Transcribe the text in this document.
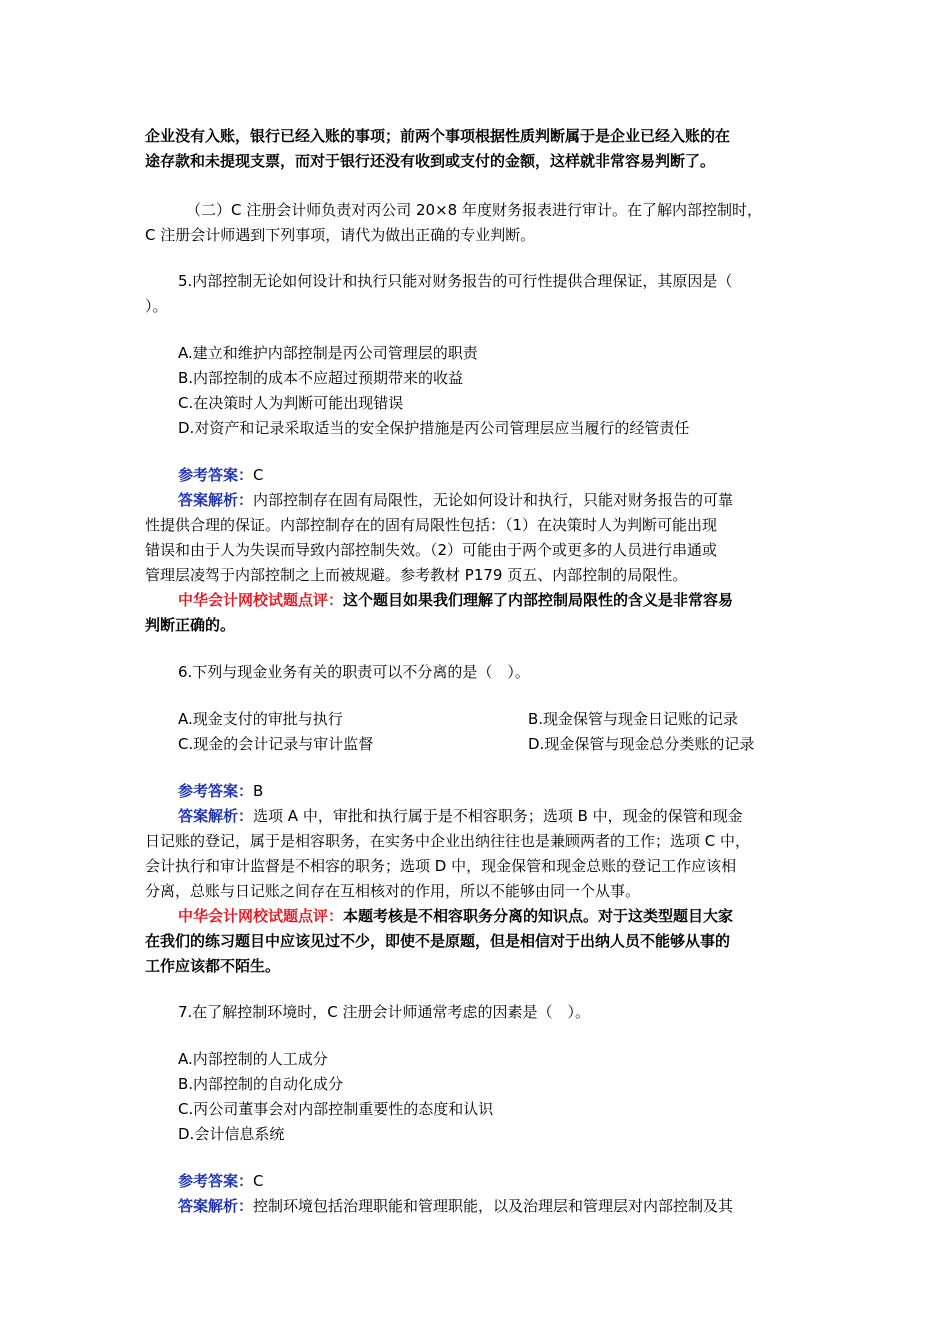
企业没有入账，银行已经入账的事项；前两个事项根据性质判断属于是企业已经入账的在
途存款和未提现支票，而对于银行还没有收到或支付的金额，这样就非常容易判断了。
（二）C 注册会计师负责对丙公司 20×8 年度财务报表进行审计。在了解内部控制时，
C 注册会计师遇到下列事项，请代为做出正确的专业判断。
5.内部控制无论如何设计和执行只能对财务报告的可行性提供合理保证，其原因是（
）。
A.建立和维护内部控制是丙公司管理层的职责
B.内部控制的成本不应超过预期带来的收益
C.在决策时人为判断可能出现错误
D.对资产和记录采取适当的安全保护措施是丙公司管理层应当履行的经管责任
参考答案：C
答案解析：内部控制存在固有局限性，无论如何设计和执行，只能对财务报告的可靠
性提供合理的保证。内部控制存在的固有局限性包括：（1）在决策时人为判断可能出现
错误和由于人为失误而导致内部控制失效。（2）可能由于两个或更多的人员进行串通或
管理层凌驾于内部控制之上而被规避。参考教材 P179 页五、内部控制的局限性。
中华会计网校试题点评：这个题目如果我们理解了内部控制局限性的含义是非常容易
判断正确的。
6.下列与现金业务有关的职责可以不分离的是（　）。
A.现金支付的审批与执行	B.现金保管与现金日记账的记录
C.现金的会计记录与审计监督	D.现金保管与现金总分类账的记录
参考答案：B
答案解析：选项 A 中，审批和执行属于是不相容职务；选项 B 中，现金的保管和现金
日记账的登记，属于是相容职务，在实务中企业出纳往往也是兼顾两者的工作；选项 C 中，
会计执行和审计监督是不相容的职务；选项 D 中，现金保管和现金总账的登记工作应该相
分离，总账与日记账之间存在互相核对的作用，所以不能够由同一个从事。
中华会计网校试题点评：本题考核是不相容职务分离的知识点。对于这类型题目大家
在我们的练习题目中应该见过不少，即使不是原题，但是相信对于出纳人员不能够从事的
工作应该都不陌生。
7.在了解控制环境时，C 注册会计师通常考虑的因素是（　）。
A.内部控制的人工成分
B.内部控制的自动化成分
C.丙公司董事会对内部控制重要性的态度和认识
D.会计信息系统
参考答案：C
答案解析：控制环境包括治理职能和管理职能，以及治理层和管理层对内部控制及其
